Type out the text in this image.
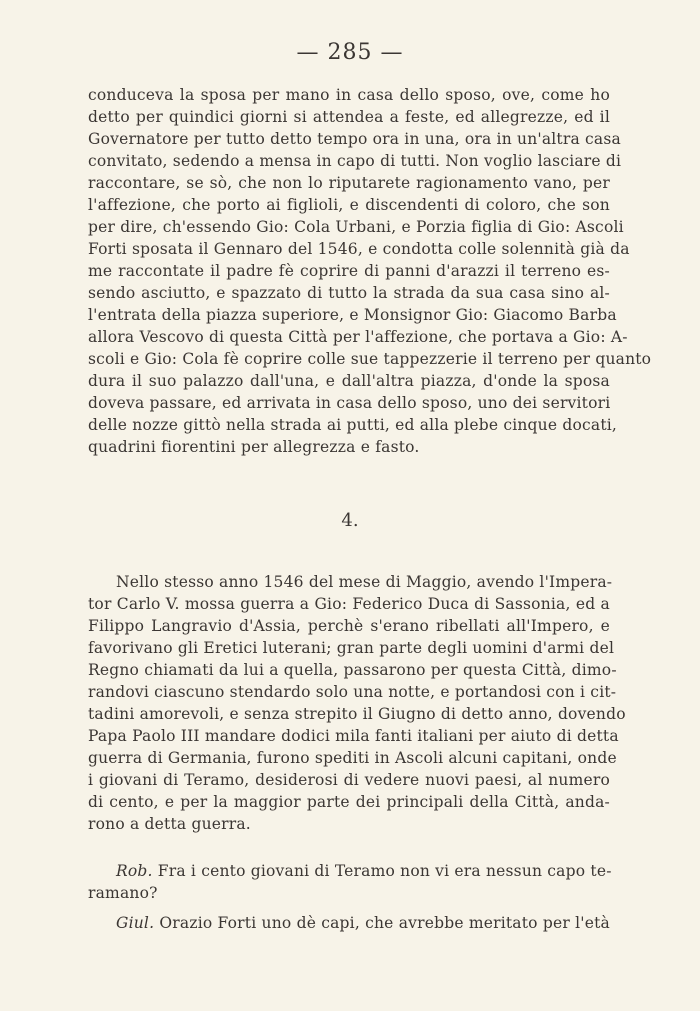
— 285 —
conduceva la sposa per mano in casa dello sposo, ove, come ho
detto per quindici giorni si attendea a feste, ed allegrezze, ed il
Governatore per tutto detto tempo ora in una, ora in un'altra casa
convitato, sedendo a mensa in capo di tutti. Non voglio lasciare di
raccontare, se sò, che non lo riputarete ragionamento vano, per
l'affezione, che porto ai figlioli, e discendenti di coloro, che son
per dire, ch'essendo Gio: Cola Urbani, e Porzia figlia di Gio: Ascoli
Forti sposata il Gennaro del 1546, e condotta colle solennità già da
me raccontate il padre fè coprire di panni d'arazzi il terreno es-
sendo asciutto, e spazzato di tutto la strada da sua casa sino al-
l'entrata della piazza superiore, e Monsignor Gio: Giacomo Barba
allora Vescovo di questa Città per l'affezione, che portava a Gio: A-
scoli e Gio: Cola fè coprire colle sue tappezzerie il terreno per quanto
dura il suo palazzo dall'una, e dall'altra piazza, d'onde la sposa
doveva passare, ed arrivata in casa dello sposo, uno dei servitori
delle nozze gittò nella strada ai putti, ed alla plebe cinque docati,
quadrini fiorentini per allegrezza e fasto.
4.
Nello stesso anno 1546 del mese di Maggio, avendo l'Impera-
tor Carlo V. mossa guerra a Gio: Federico Duca di Sassonia, ed a
Filippo Langravio d'Assia, perchè s'erano ribellati all'Impero, e
favorivano gli Eretici luterani; gran parte degli uomini d'armi del
Regno chiamati da lui a quella, passarono per questa Città, dimo-
randovi ciascuno stendardo solo una notte, e portandosi con i cit-
tadini amorevoli, e senza strepito il Giugno di detto anno, dovendo
Papa Paolo III mandare dodici mila fanti italiani per aiuto di detta
guerra di Germania, furono spediti in Ascoli alcuni capitani, onde
i giovani di Teramo, desiderosi di vedere nuovi paesi, al numero
di cento, e per la maggior parte dei principali della Città, anda-
rono a detta guerra.
Rob. Fra i cento giovani di Teramo non vi era nessun capo te-
ramano?
Giul. Orazio Forti uno dè capi, che avrebbe meritato per l'età
